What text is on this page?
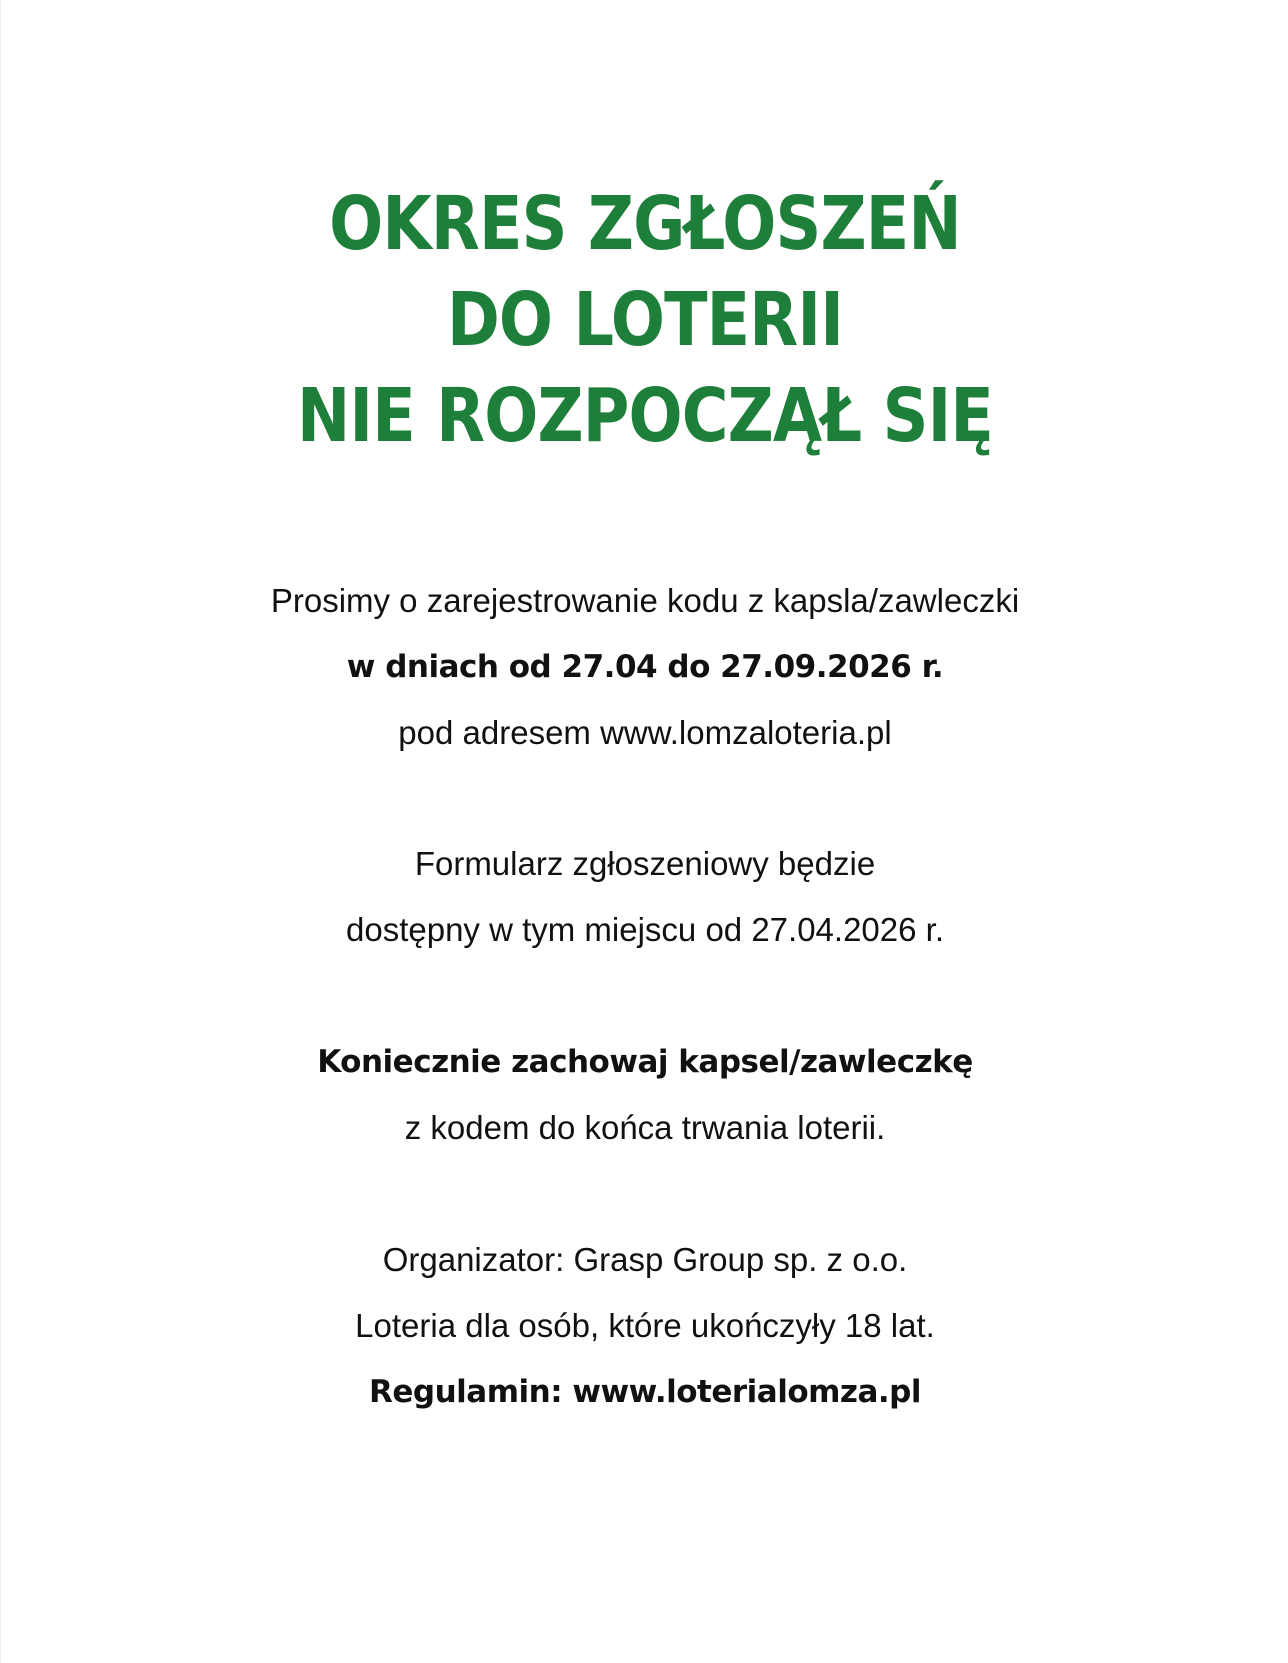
OKRES ZGŁOSZEŃ
DO LOTERII
NIE ROZPOCZĄŁ SIĘ
Prosimy o zarejestrowanie kodu z kapsla/zawleczki
w dniach od 27.04 do 27.09.2026 r.
pod adresem www.lomzaloteria.pl
Formularz zgłoszeniowy będzie
dostępny w tym miejscu od 27.04.2026 r.
Koniecznie zachowaj kapsel/zawleczkę
z kodem do końca trwania loterii.
Organizator: Grasp Group sp. z o.o.
Loteria dla osób, które ukończyły 18 lat.
Regulamin: www.loterialomza.pl
